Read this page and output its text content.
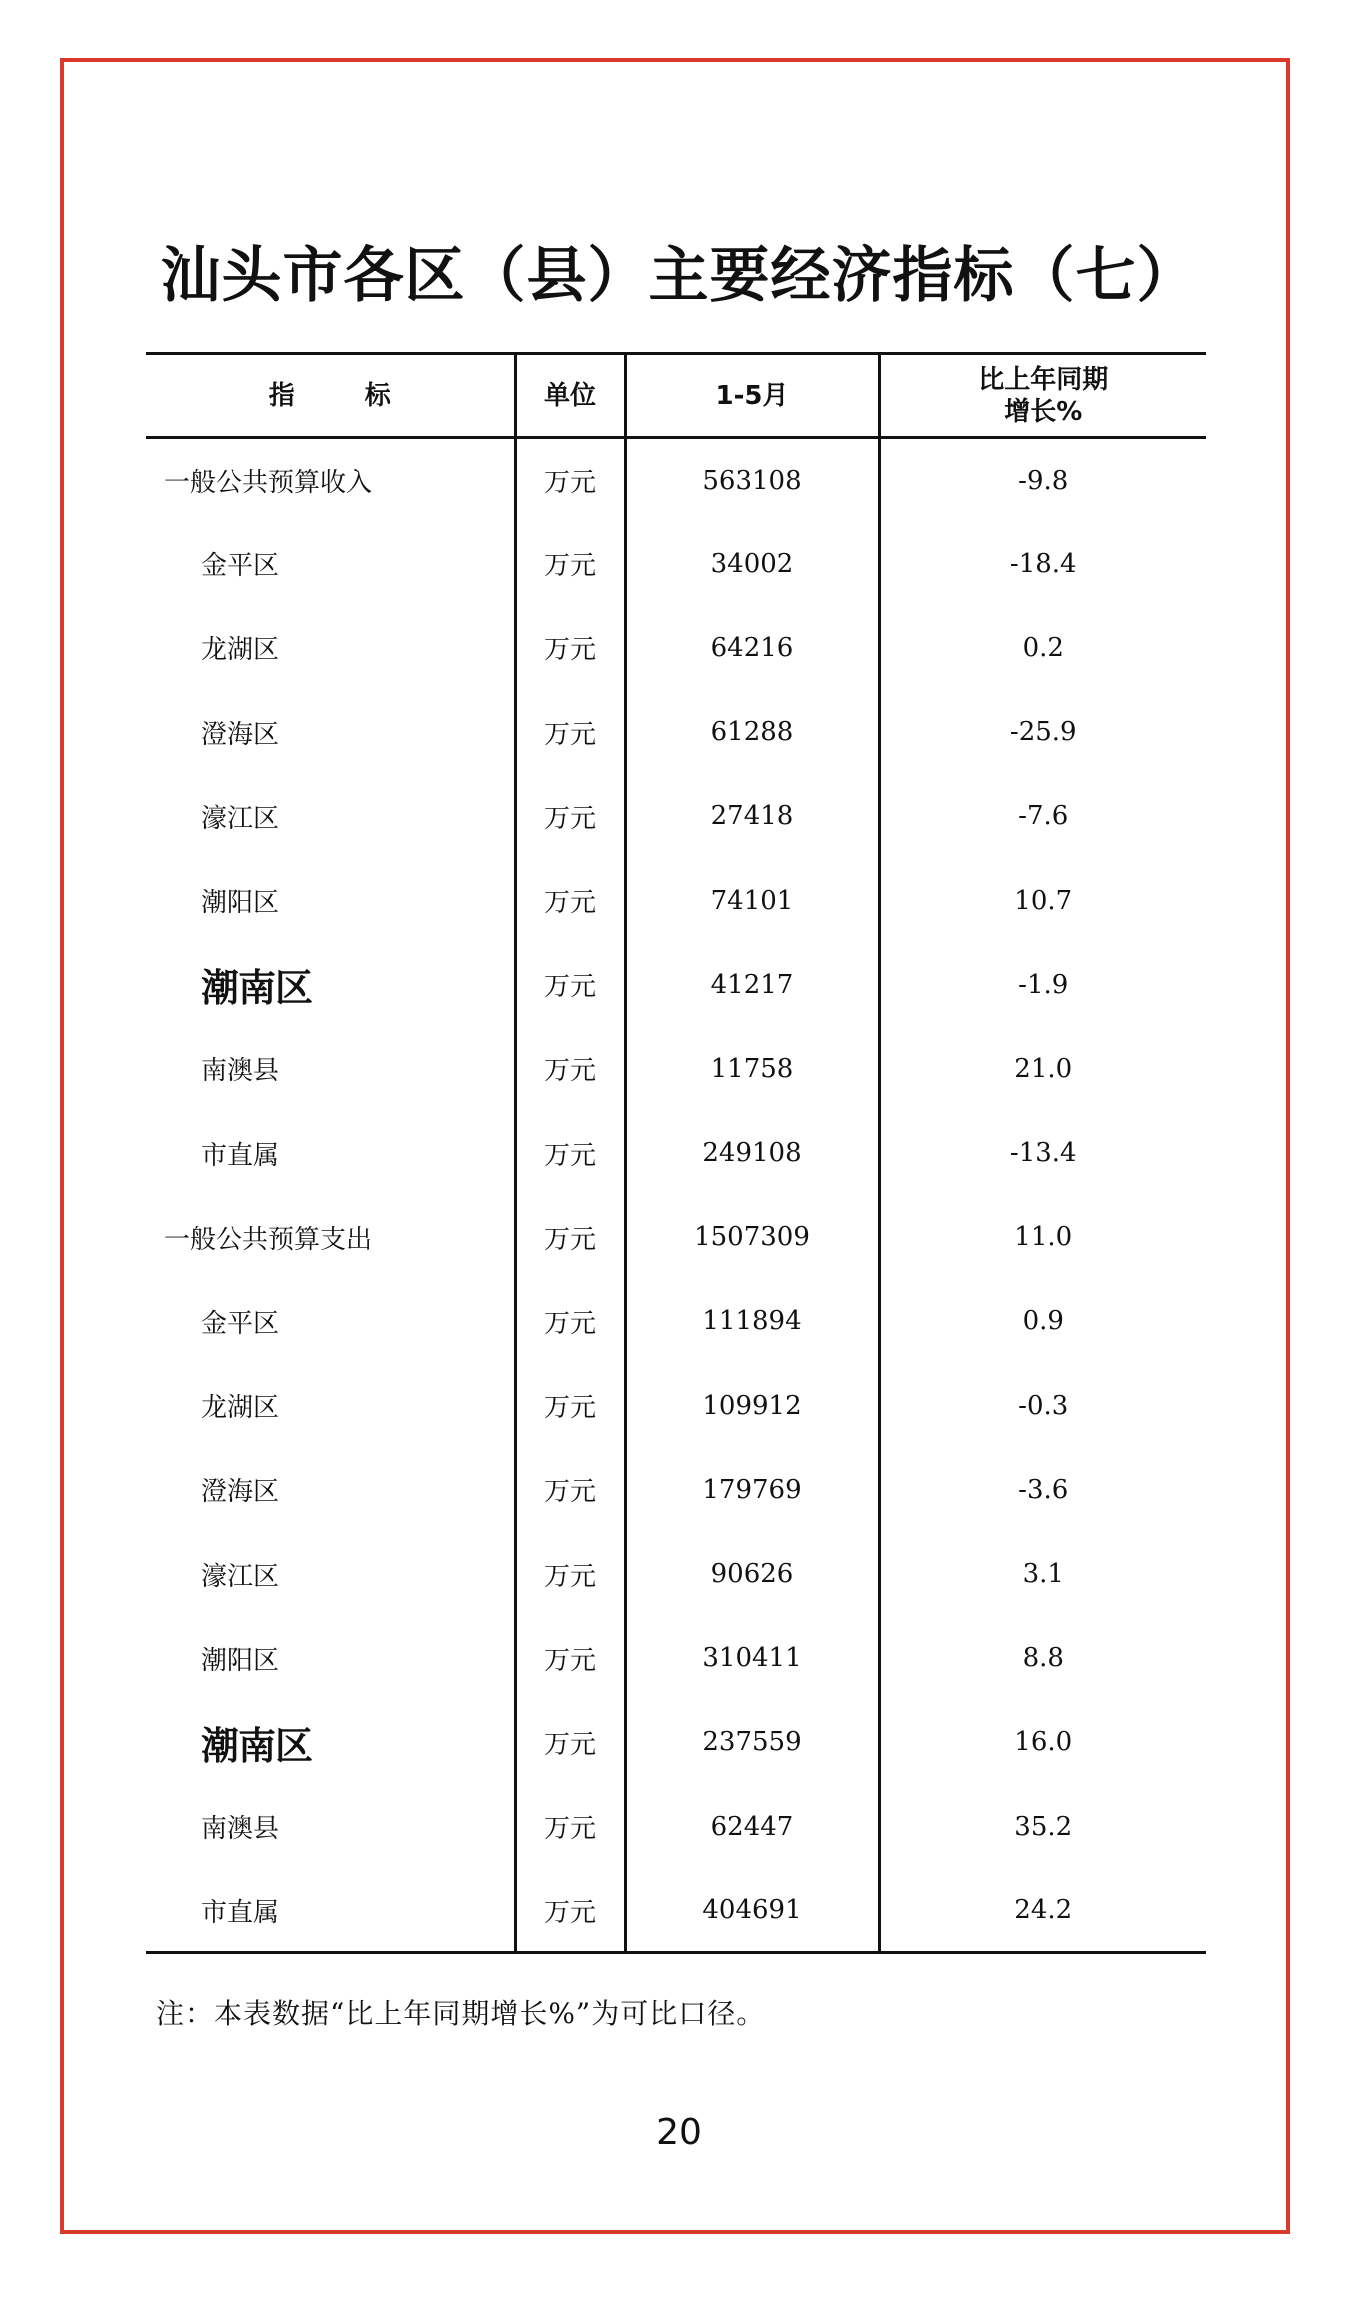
汕头市各区（县）主要经济指标（七）
指 标	单位	1-5月	比上年同期
增长%

一般公共预算收入	万元	563108	-9.8
金平区	万元	34002	-18.4
龙湖区	万元	64216	0.2
澄海区	万元	61288	-25.9
濠江区	万元	27418	-7.6
潮阳区	万元	74101	10.7
潮南区	万元	41217	-1.9
南澳县	万元	11758	21.0
市直属	万元	249108	-13.4
一般公共预算支出	万元	1507309	11.0
金平区	万元	111894	0.9
龙湖区	万元	109912	-0.3
澄海区	万元	179769	-3.6
濠江区	万元	90626	3.1
潮阳区	万元	310411	8.8
潮南区	万元	237559	16.0
南澳县	万元	62447	35.2
市直属	万元	404691	24.2
注：本表数据“比上年同期增长%”为可比口径。
20
